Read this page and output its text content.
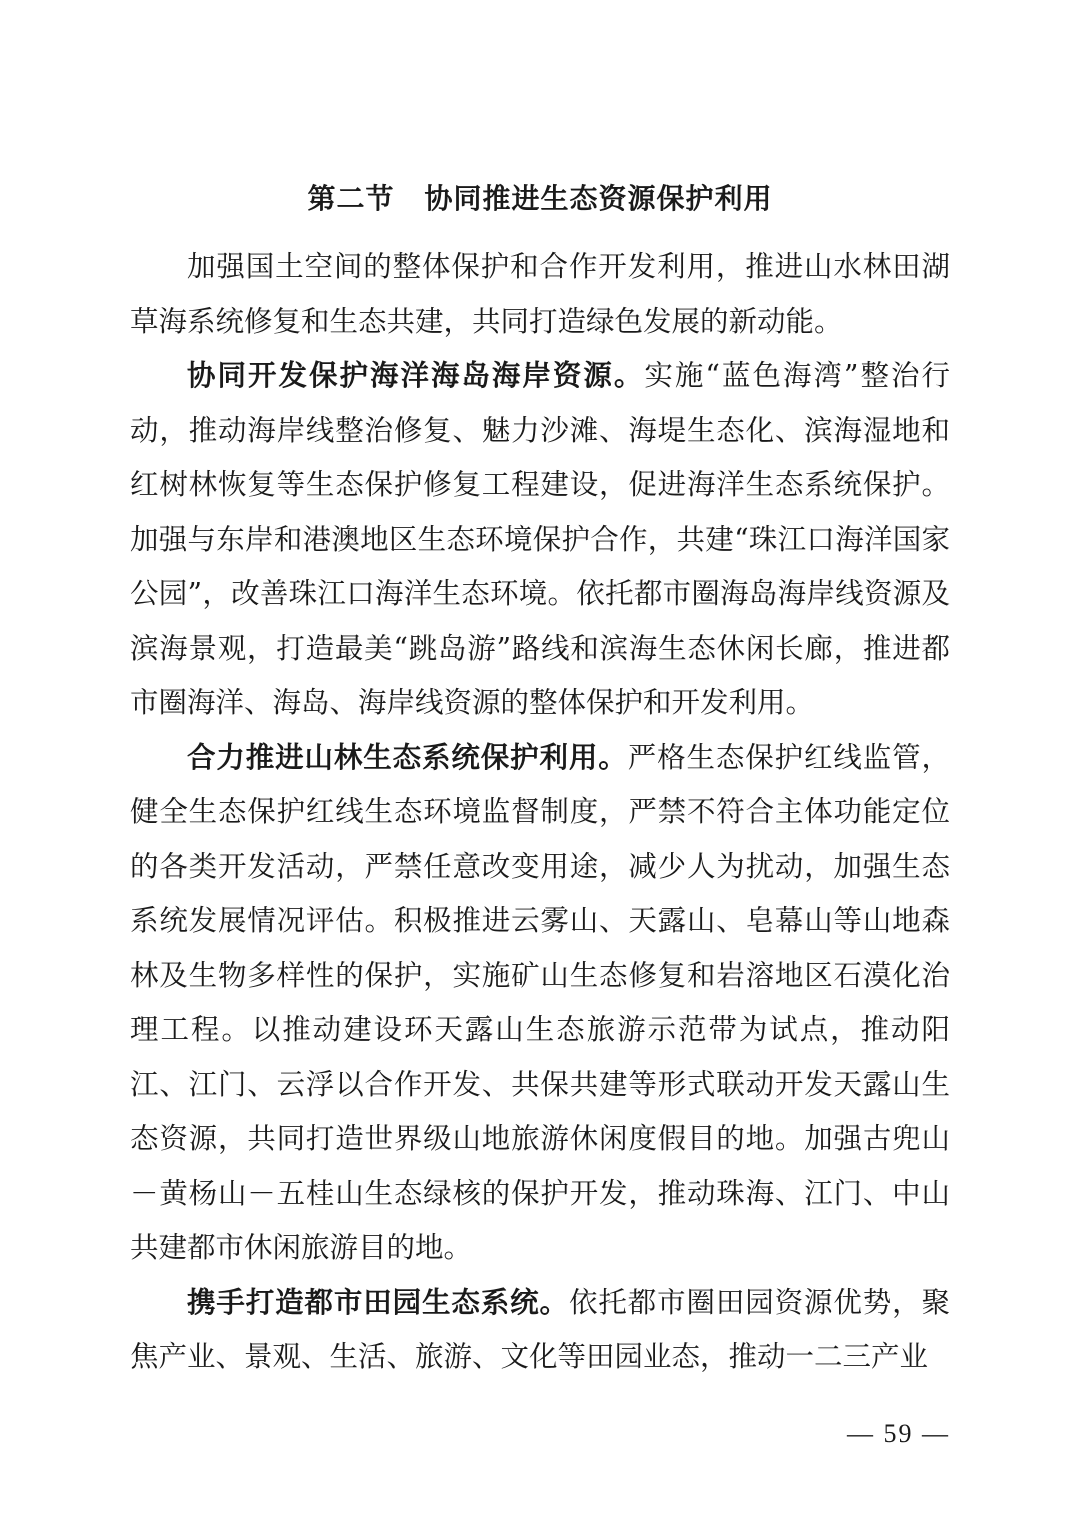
第二节 协同推进生态资源保护利用

加强国土空间的整体保护和合作开发利用，推进山水林田湖草海系统修复和生态共建，共同打造绿色发展的新动能。

协同开发保护海洋海岛海岸资源。实施“蓝色海湾”整治行动，推动海岸线整治修复、魅力沙滩、海堤生态化、滨海湿地和红树林恢复等生态保护修复工程建设，促进海洋生态系统保护。加强与东岸和港澳地区生态环境保护合作，共建“珠江口海洋国家公园”，改善珠江口海洋生态环境。依托都市圈海岛海岸线资源及滨海景观，打造最美“跳岛游”路线和滨海生态休闲长廊，推进都市圈海洋、海岛、海岸线资源的整体保护和开发利用。

合力推进山林生态系统保护利用。严格生态保护红线监管，健全生态保护红线生态环境监督制度，严禁不符合主体功能定位的各类开发活动，严禁任意改变用途，减少人为扰动，加强生态系统发展情况评估。积极推进云雾山、天露山、皂幕山等山地森林及生物多样性的保护，实施矿山生态修复和岩溶地区石漠化治理工程。以推动建设环天露山生态旅游示范带为试点，推动阳江、江门、云浮以合作开发、共保共建等形式联动开发天露山生态资源，共同打造世界级山地旅游休闲度假目的地。加强古兜山－黄杨山－五桂山生态绿核的保护开发，推动珠海、江门、中山共建都市休闲旅游目的地。

携手打造都市田园生态系统。依托都市圈田园资源优势，聚焦产业、景观、生活、旅游、文化等田园业态，推动一二三产业

— 59 —
